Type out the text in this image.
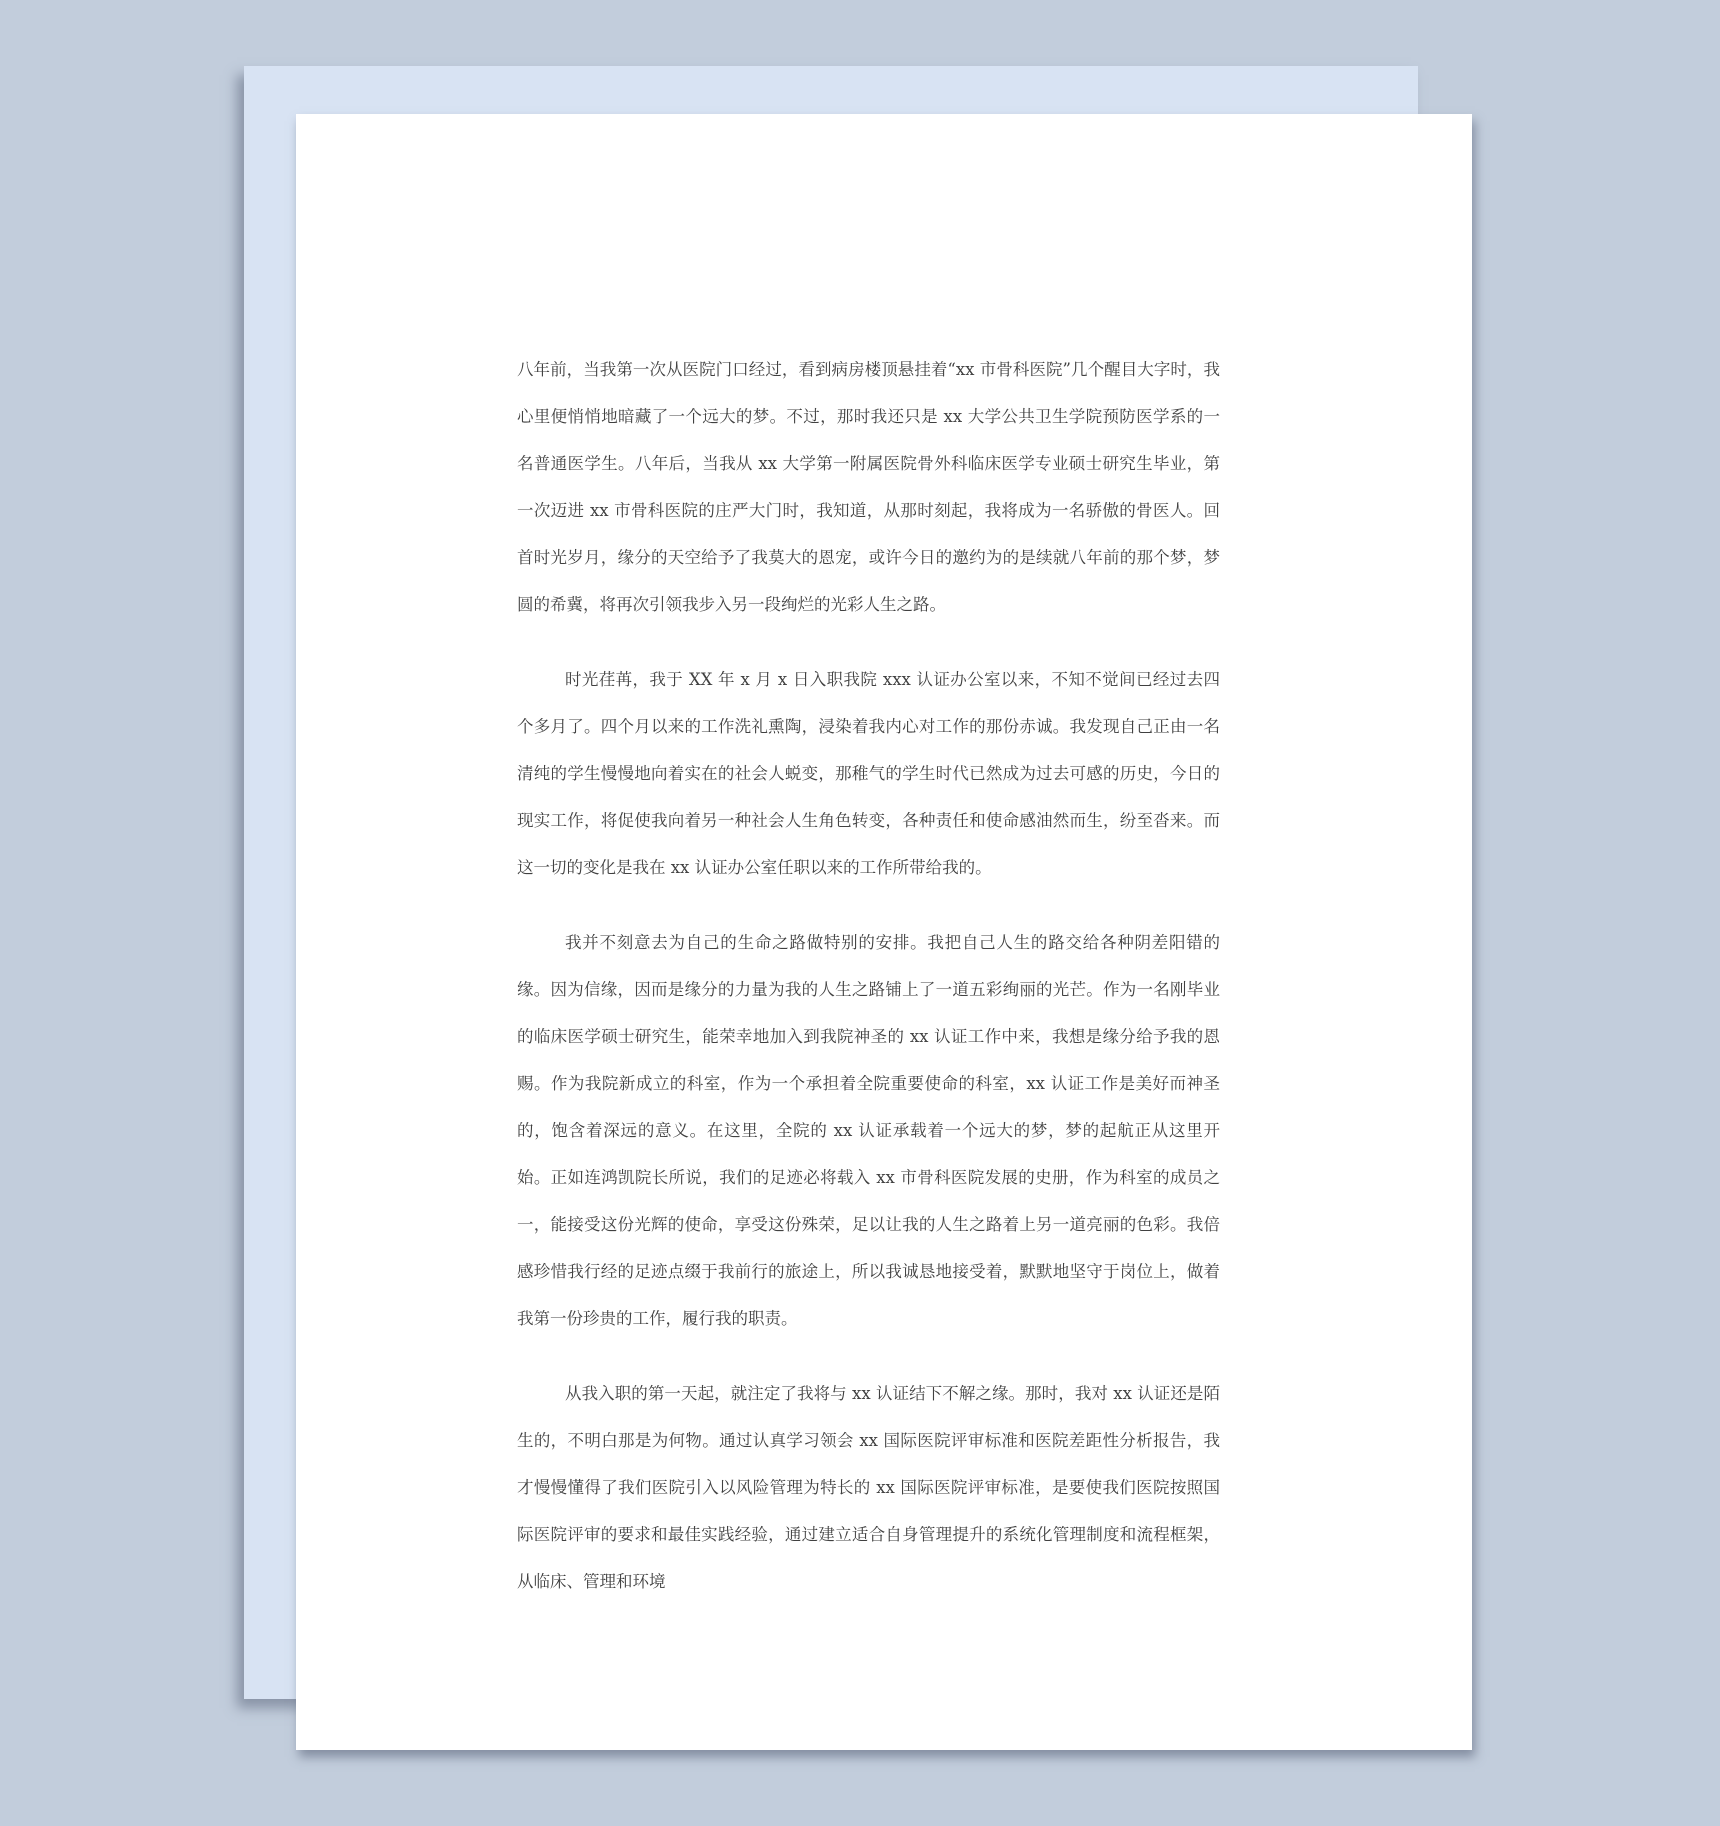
八年前，当我第一次从医院门口经过，看到病房楼顶悬挂着“xx 市骨科医院”几个醒目大字时，我心里便悄悄地暗藏了一个远大的梦。不过，那时我还只是 xx 大学公共卫生学院预防医学系的一名普通医学生。八年后，当我从 xx 大学第一附属医院骨外科临床医学专业硕士研究生毕业，第一次迈进 xx 市骨科医院的庄严大门时，我知道，从那时刻起，我将成为一名骄傲的骨医人。回首时光岁月，缘分的天空给予了我莫大的恩宠，或许今日的邀约为的是续就八年前的那个梦，梦圆的希冀，将再次引领我步入另一段绚烂的光彩人生之路。

时光荏苒，我于 XX 年 x 月 x 日入职我院 xxx 认证办公室以来，不知不觉间已经过去四个多月了。四个月以来的工作洗礼熏陶，浸染着我内心对工作的那份赤诚。我发现自己正由一名清纯的学生慢慢地向着实在的社会人蜕变，那稚气的学生时代已然成为过去可感的历史，今日的现实工作，将促使我向着另一种社会人生角色转变，各种责任和使命感油然而生，纷至沓来。而这一切的变化是我在 xx 认证办公室任职以来的工作所带给我的。

我并不刻意去为自己的生命之路做特别的安排。我把自己人生的路交给各种阴差阳错的缘。因为信缘，因而是缘分的力量为我的人生之路铺上了一道五彩绚丽的光芒。作为一名刚毕业的临床医学硕士研究生，能荣幸地加入到我院神圣的 xx 认证工作中来，我想是缘分给予我的恩赐。作为我院新成立的科室，作为一个承担着全院重要使命的科室，xx 认证工作是美好而神圣的，饱含着深远的意义。在这里，全院的 xx 认证承载着一个远大的梦，梦的起航正从这里开始。正如连鸿凯院长所说，我们的足迹必将载入 xx 市骨科医院发展的史册，作为科室的成员之一，能接受这份光辉的使命，享受这份殊荣，足以让我的人生之路着上另一道亮丽的色彩。我倍感珍惜我行经的足迹点缀于我前行的旅途上，所以我诚恳地接受着，默默地坚守于岗位上，做着我第一份珍贵的工作，履行我的职责。

从我入职的第一天起，就注定了我将与 xx 认证结下不解之缘。那时，我对 xx 认证还是陌生的，不明白那是为何物。通过认真学习领会 xx 国际医院评审标准和医院差距性分析报告，我才慢慢懂得了我们医院引入以风险管理为特长的 xx 国际医院评审标准，是要使我们医院按照国际医院评审的要求和最佳实践经验，通过建立适合自身管理提升的系统化管理制度和流程框架，从临床、管理和环境
